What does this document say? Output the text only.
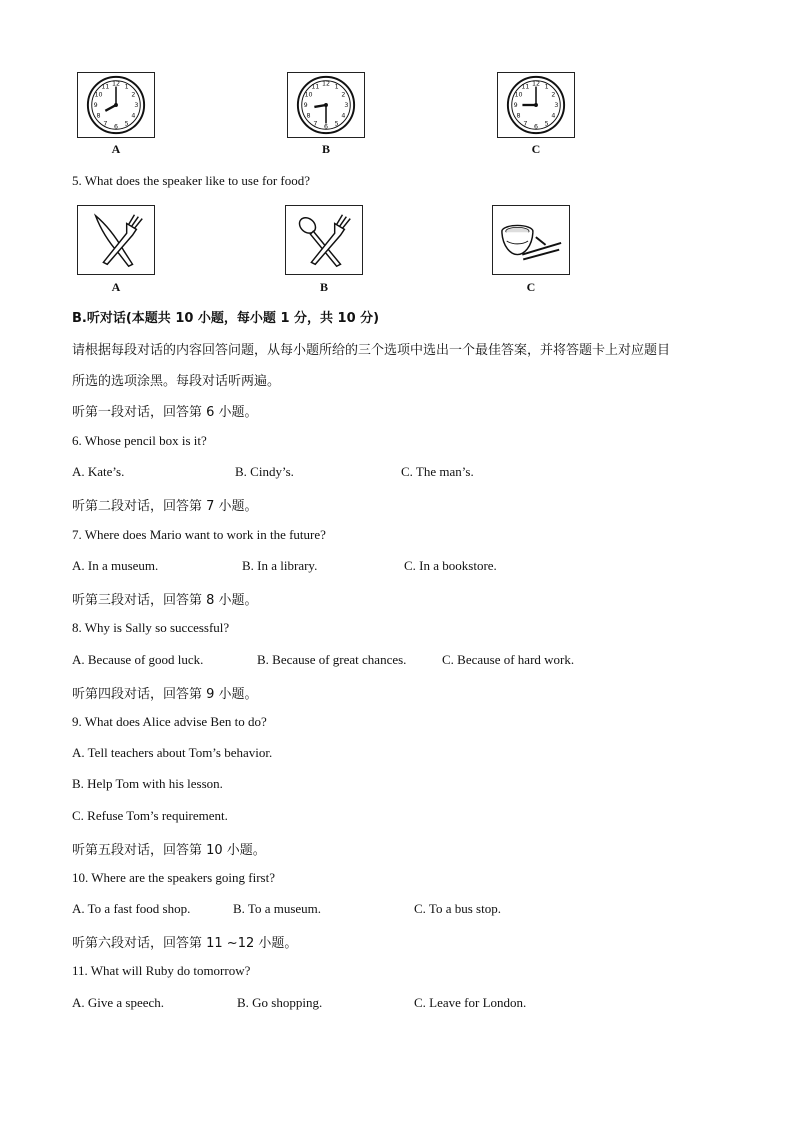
12 1
2
3
4
5
6
7
8
9
10
11
A
12 1
2
3
4
5
6
7
8
9
10
11
B
12 1
2
3
4
5
6
7
8
9
10
11
C
5. What does the speaker like to use for food?
A	B	C
B.听对话(本题共 10 小题，每小题 1 分，共 10 分)
请根据每段对话的内容回答问题，从每小题所给的三个选项中选出一个最佳答案，并将答题卡上对应题目
所选的选项涂黑。每段对话听两遍。
听第一段对话，回答第 6 小题。
6. Whose pencil box is it?
A. Kate’s.	B. Cindy’s.	C. The man’s.
听第二段对话，回答第 7 小题。
7. Where does Mario want to work in the future?
A. In a museum.	B. In a library.	C. In a bookstore.
听第三段对话，回答第 8 小题。
8. Why is Sally so successful?
A. Because of good luck.	B. Because of great chances.	C. Because of hard work.
听第四段对话，回答第 9 小题。
9. What does Alice advise Ben to do?
A. Tell teachers about Tom’s behavior.
B. Help Tom with his lesson.
C. Refuse Tom’s requirement.
听第五段对话，回答第 10 小题。
10. Where are the speakers going first?
A. To a fast food shop.	B. To a museum.	C. To a bus stop.
听第六段对话，回答第 11 ~12 小题。
11. What will Ruby do tomorrow?
A. Give a speech.	B. Go shopping.	C. Leave for London.
